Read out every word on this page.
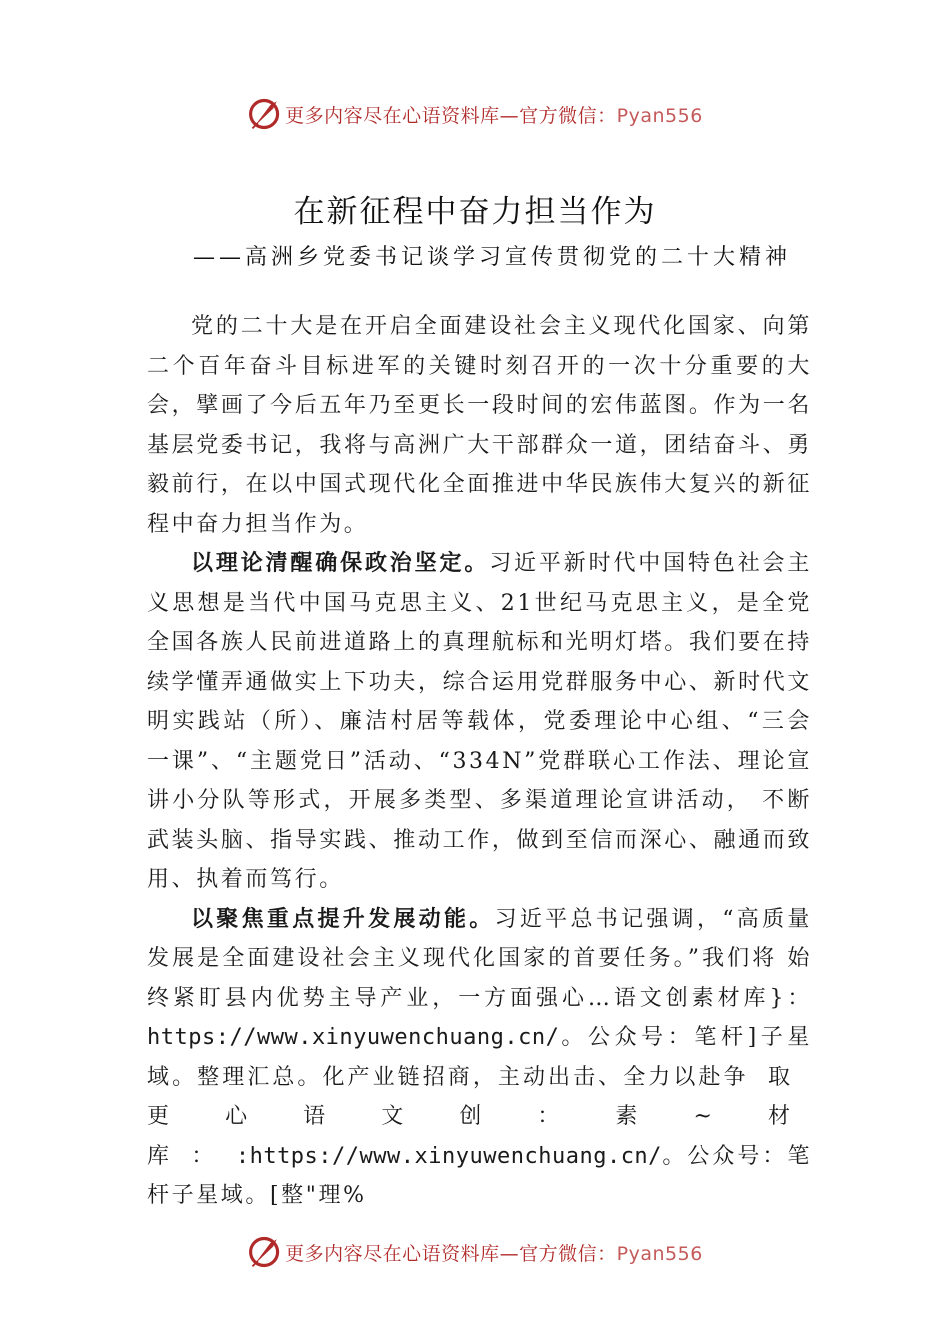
更多内容尽在心语资料库—官方微信：Pyan556
在新征程中奋力担当作为
——高洲乡党委书记谈学习宣传贯彻党的二十大精神

党的二十大是在开启全面建设社会主义现代化国家、向第二个百年奋斗目标进军的关键时刻召开的一次十分重要的大会，擘画了今后五年乃至更长一段时间的宏伟蓝图。作为一名基层党委书记，我将与高洲广大干部群众一道，团结奋斗、勇毅前行，在以中国式现代化全面推进中华民族伟大复兴的新征程中奋力担当作为。

以理论清醒确保政治坚定。习近平新时代中国特色社会主义思想是当代中国马克思主义、21世纪马克思主义，是全党全国各族人民前进道路上的真理航标和光明灯塔。我们要在持续学懂弄通做实上下功夫，综合运用党群服务中心、新时代文明实践站（所）、廉洁村居等载体，党委理论中心组、“三会一课”、“主题党日”活动、“334N”党群联心工作法、理论宣讲小分队等形式，开展多类型、多渠道理论宣讲活动， 不断武装头脑、指导实践、推动工作，做到至信而深心、融通而致用、执着而笃行。

以聚焦重点提升发展动能。习近平总书记强调，“高质量发展是全面建设社会主义现代化国家的首要任务。”我们将 始终紧盯县内优势主导产业，一方面强心…语文创素材库}：https://www.xinyuwenchuang.cn/。公众号：笔杆]子星域。整理汇总。化产业链招商，主动出击、全力以赴争取更心语文创：素~材库：:https://www.xinyuwenchuang.cn/。公众号：笔杆子星域。[整"理%

更多内容尽在心语资料库—官方微信：Pyan556
